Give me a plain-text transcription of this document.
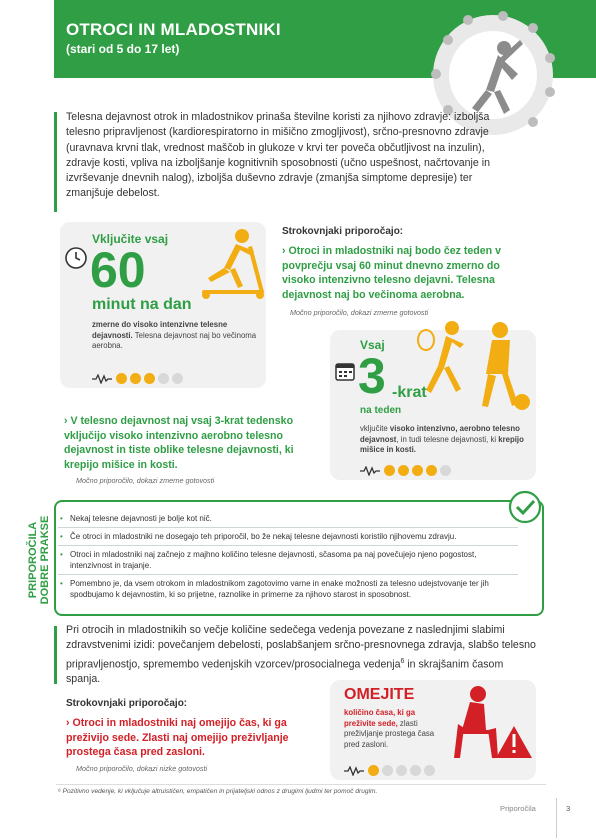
OTROCI IN MLADOSTNIKI
(stari od 5 do 17 let)
Telesna dejavnost otrok in mladostnikov prinaša številne koristi za njihovo zdravje: izboljša telesno pripravljenost (kardiorespiratorno in mišično zmogljivost), srčno-presnovno zdravje (uravnava krvni tlak, vrednost maščob in glukoze v krvi ter poveča občutljivost na inzulin), zdravje kosti, vpliva na izboljšanje kognitivnih sposobnosti (učno uspešnost, načrtovanje in izvrševanje dnevnih nalog), izboljša duševno zdravje (zmanjša simptome depresije) ter zmanjšuje debelost.
Vključite vsaj
60
minut na dan
zmerne do visoko intenzivne telesne dejavnosti. Telesna dejavnost naj bo večinoma aerobna.
Strokovnjaki priporočajo:
› Otroci in mladostniki naj bodo čez teden v povprečju vsaj 60 minut dnevno zmerno do visoko intenzivno telesno dejavni. Telesna dejavnost naj bo večinoma aerobna.
Močno priporočilo, dokazi zmerne gotovosti
Vsaj
3 -krat
na teden
vključite visoko intenzivno, aerobno telesno dejavnost, in tudi telesne dejavnosti, ki krepijo mišice in kosti.
› V telesno dejavnost naj vsaj 3-krat tedensko vključijo visoko intenzivno aerobno telesno dejavnost in tiste oblike telesne dejavnosti, ki krepijo mišice in kosti.
Močno priporočilo, dokazi zmerne gotovosti
PRIPOROČILA DOBRE PRAKSE
•	Nekaj telesne dejavnosti je bolje kot nič.
• Če otroci in mladostniki ne dosegajo teh priporočil, bo že nekaj telesne dejavnosti koristilo njihovemu zdravju.
• Otroci in mladostniki naj začnejo z majhno količino telesne dejavnosti, sčasoma pa naj povečujejo njeno pogostost, intenzivnost in trajanje.
• Pomembno je, da vsem otrokom in mladostnikom zagotovimo varne in enake možnosti za telesno udejstvovanje ter jih spodbujamo k dejavnostim, ki so prijetne, raznolike in primerne za njihovo starost in sposobnost.
Pri otrocih in mladostnikih so večje količine sedečega vedenja povezane z naslednjimi slabimi zdravstvenimi izidi: povečanjem debelosti, poslabšanjem srčno-presnovnega zdravja, slabšo telesno pripravljenostjo, spremembo vedenjskih vzorcev/prosocialnega vedenja$^6$ in skrajšanim časom spanja.
Strokovnjaki priporočajo:
› Otroci in mladostniki naj omejijo čas, ki ga preživijo sede. Zlasti naj omejijo preživljanje prostega časa pred zasloni.
Močno priporočilo, dokazi nizke gotovosti
OMEJITE
količino časa, ki ga preživite sede, zlasti preživljanje prostega časa pred zasloni.
⁶ Pozitivno vedenje, ki vključuje altruističen, empatičen in prijateljski odnos z drugimi ljudmi ter pomoč drugim.
Priporočila	3
